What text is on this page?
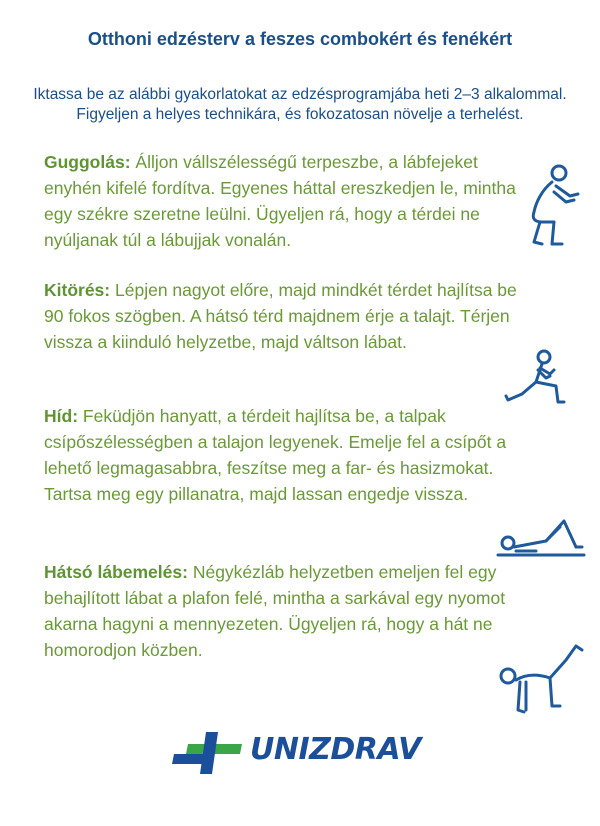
Otthoni edzésterv a feszes combokért és fenékért
Iktassa be az alábbi gyakorlatokat az edzésprogramjába heti 2–3 alkalommal. Figyeljen a helyes technikára, és fokozatosan növelje a terhelést.
Guggolás: Álljon vállszélességű terpeszbe, a lábfejeket enyhén kifelé fordítva. Egyenes háttal ereszkedjen le, mintha egy székre szeretne leülni. Ügyeljen rá, hogy a térdei ne nyúljanak túl a lábujjak vonalán.
Kitörés: Lépjen nagyot előre, majd mindkét térdet hajlítsa be 90 fokos szögben. A hátsó térd majdnem érje a talajt. Térjen vissza a kiinduló helyzetbe, majd váltson lábat.
Híd: Feküdjön hanyatt, a térdeit hajlítsa be, a talpak csípőszélességben a talajon legyenek. Emelje fel a csípőt a lehető legmagasabbra, feszítse meg a far- és hasizmokat. Tartsa meg egy pillanatra, majd lassan engedje vissza.
Hátsó lábemelés: Négykézláb helyzetben emeljen fel egy behajlított lábat a plafon felé, mintha a sarkával egy nyomot akarna hagyni a mennyezeten. Ügyeljen rá, hogy a hát ne homorodjon közben.
UNIZDRAV
